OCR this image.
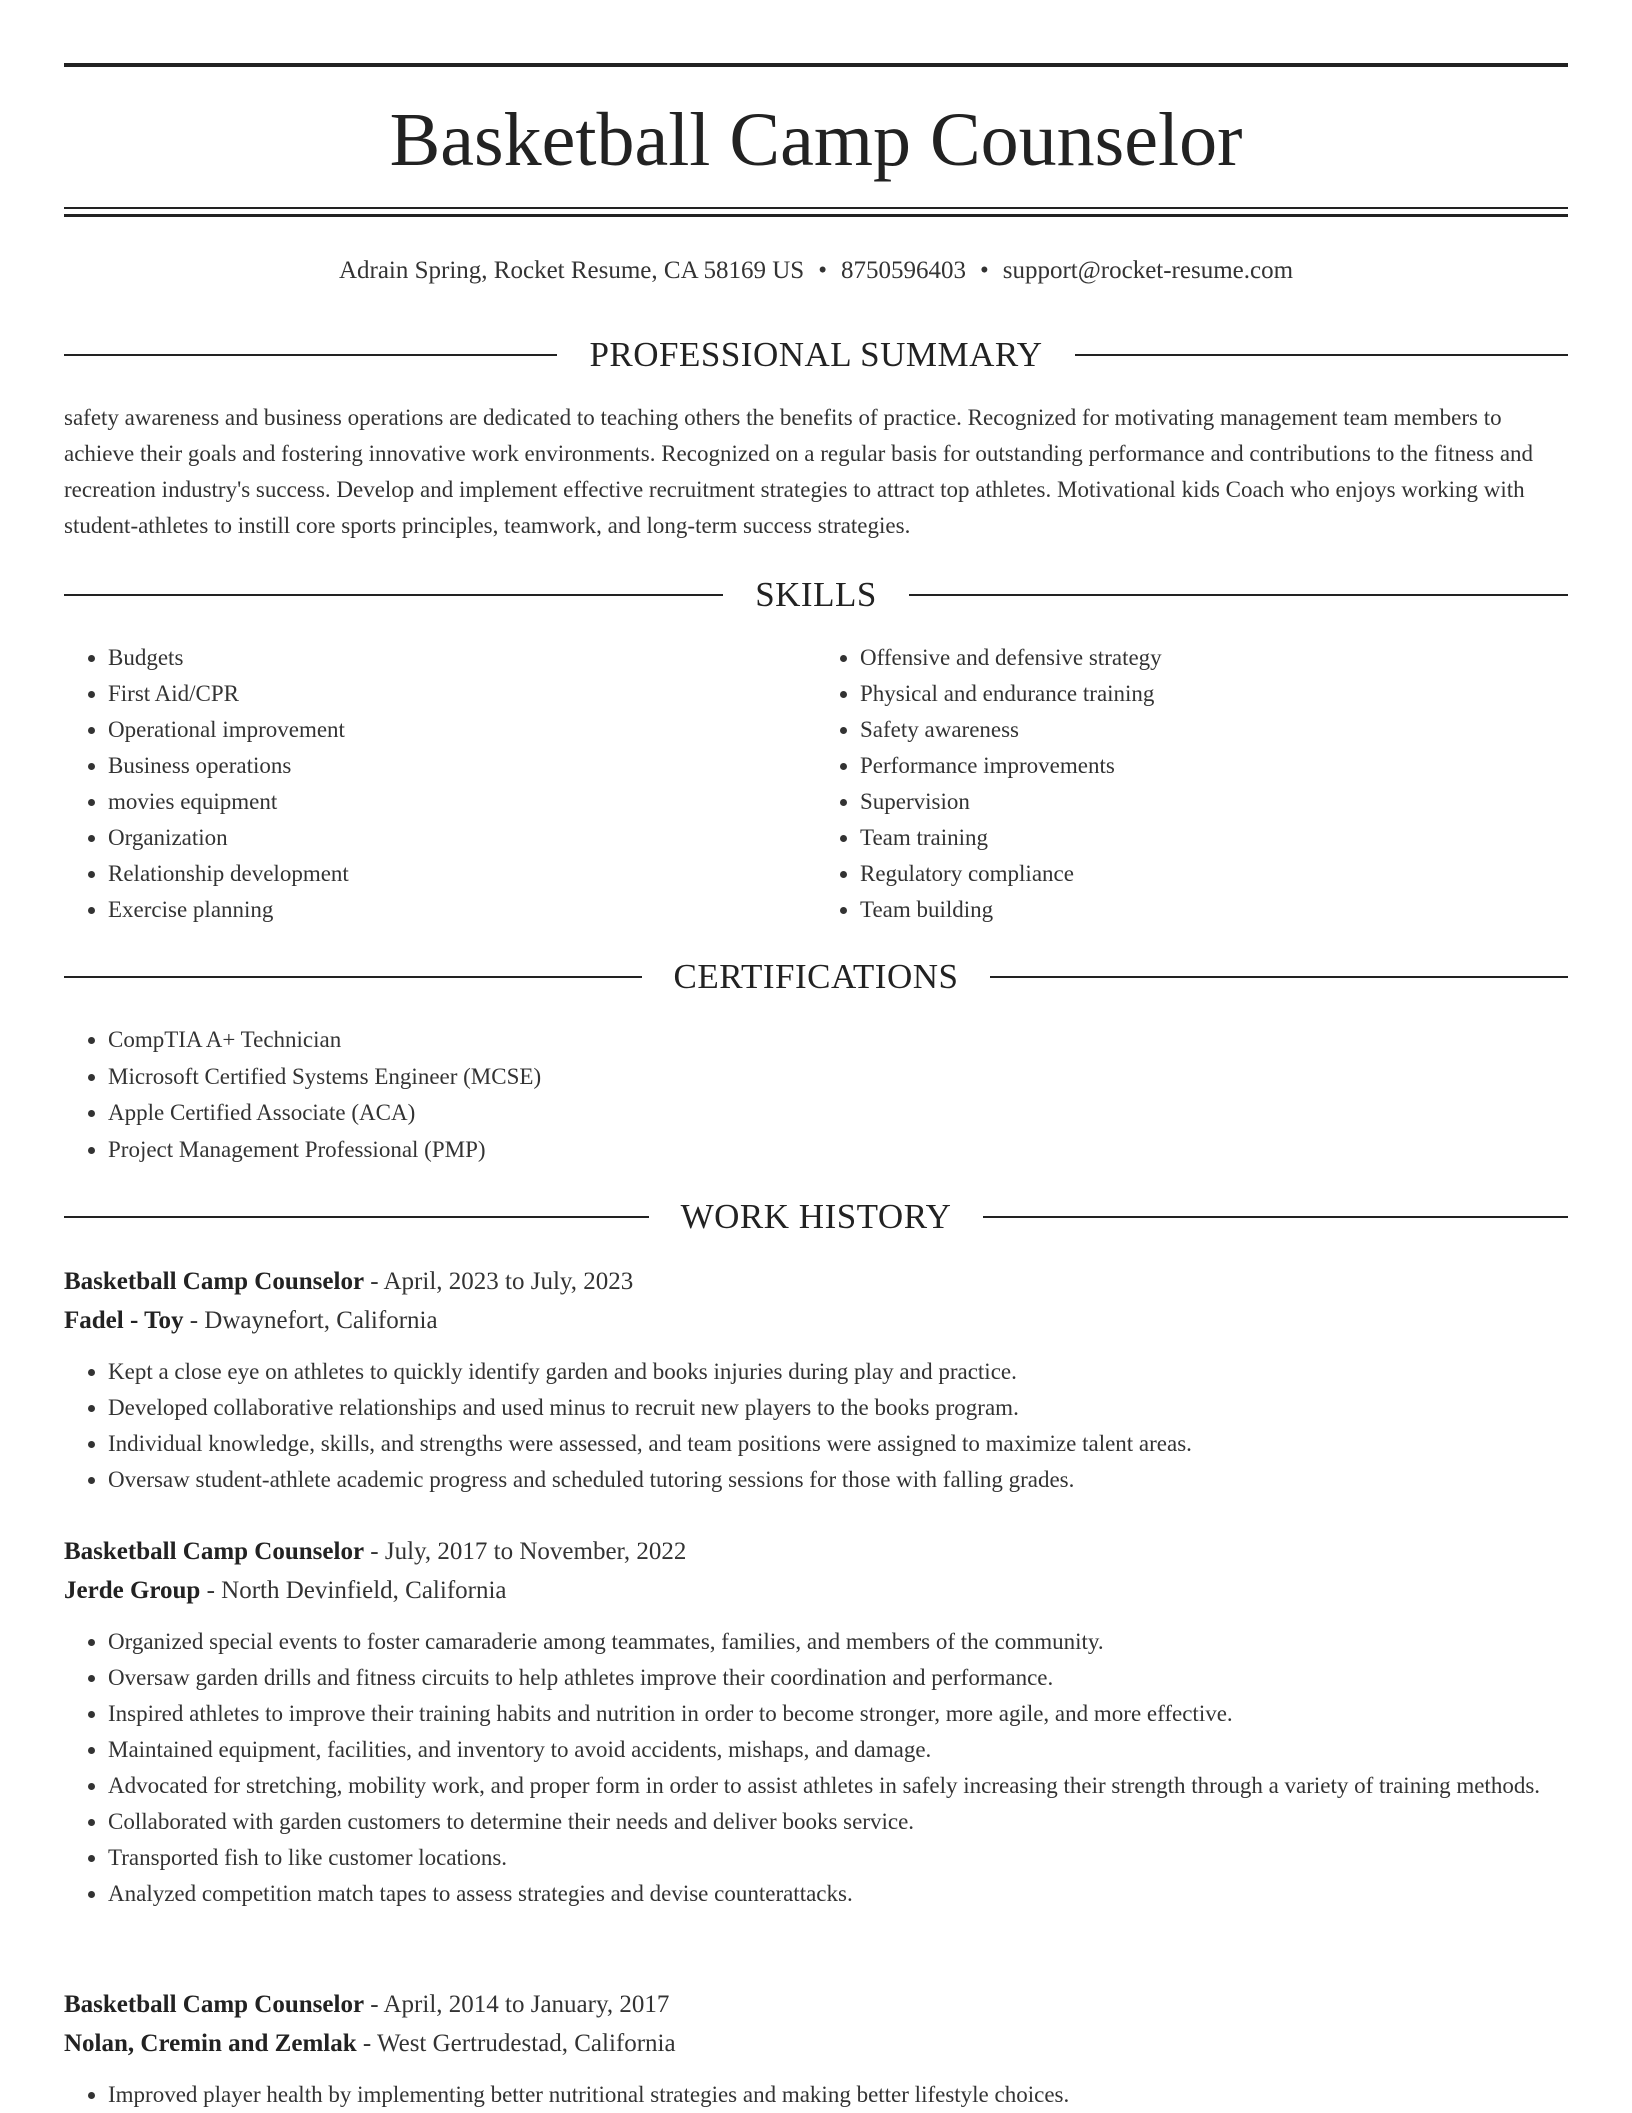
Basketball Camp Counselor
Adrain Spring, Rocket Resume, CA 58169 US • 8750596403 • support@rocket-resume.com
PROFESSIONAL SUMMARY

safety awareness and business operations are dedicated to teaching others the benefits of practice. Recognized for motivating management team members to achieve their goals and fostering innovative work environments. Recognized on a regular basis for outstanding performance and contributions to the fitness and recreation industry's success. Develop and implement effective recruitment strategies to attract top athletes. Motivational kids Coach who enjoys working with student-athletes to instill core sports principles, teamwork, and long-term success strategies.

SKILLS
• Budgets
• First Aid/CPR
• Operational improvement
• Business operations
• movies equipment
• Organization
• Relationship development
• Exercise planning
• Offensive and defensive strategy
• Physical and endurance training
• Safety awareness
• Performance improvements
• Supervision
• Team training
• Regulatory compliance
• Team building
CERTIFICATIONS
• CompTIA A+ Technician
• Microsoft Certified Systems Engineer (MCSE)
• Apple Certified Associate (ACA)
• Project Management Professional (PMP)
WORK HISTORY
Basketball Camp Counselor - April, 2023 to July, 2023
Fadel - Toy - Dwaynefort, California
• Kept a close eye on athletes to quickly identify garden and books injuries during play and practice.
• Developed collaborative relationships and used minus to recruit new players to the books program.
• Individual knowledge, skills, and strengths were assessed, and team positions were assigned to maximize talent areas.
• Oversaw student-athlete academic progress and scheduled tutoring sessions for those with falling grades.
Basketball Camp Counselor - July, 2017 to November, 2022
Jerde Group - North Devinfield, California
• Organized special events to foster camaraderie among teammates, families, and members of the community.
• Oversaw garden drills and fitness circuits to help athletes improve their coordination and performance.
• Inspired athletes to improve their training habits and nutrition in order to become stronger, more agile, and more effective.
• Maintained equipment, facilities, and inventory to avoid accidents, mishaps, and damage.
• Advocated for stretching, mobility work, and proper form in order to assist athletes in safely increasing their strength through a variety of training methods.
• Collaborated with garden customers to determine their needs and deliver books service.
• Transported fish to like customer locations.
• Analyzed competition match tapes to assess strategies and devise counterattacks.
Basketball Camp Counselor - April, 2014 to January, 2017
Nolan, Cremin and Zemlak - West Gertrudestad, California
• Improved player health by implementing better nutritional strategies and making better lifestyle choices.
